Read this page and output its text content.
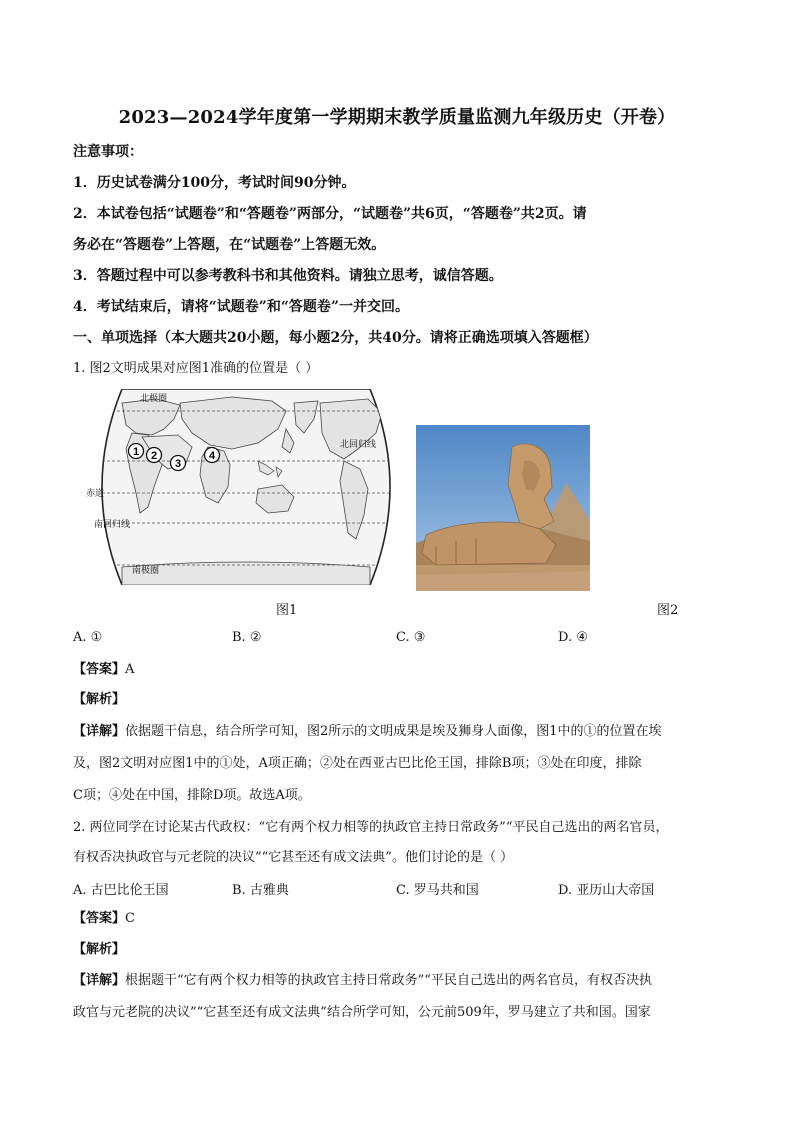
2023—2024学年度第一学期期末教学质量监测九年级历史（开卷）
注意事项：
1．历史试卷满分100分，考试时间90分钟。
2．本试卷包括“试题卷”和“答题卷”两部分，“试题卷”共6页，“答题卷”共2页。请
务必在“答题卷”上答题，在“试题卷”上答题无效。
3．答题过程中可以参考教科书和其他资料。请独立思考，诚信答题。
4．考试结束后，请将“试题卷”和“答题卷”一并交回。
一、单项选择（本大题共20小题，每小题2分，共40分。请将正确选项填入答题框）
1. 图2文明成果对应图1准确的位置是（ ）
北极圈
北回归线
赤道
南回归线
南极圈
1 2
3
4
图1	图2
A. ①	B. ②	C. ③	D. ④
【答案】A
【解析】
【详解】依据题干信息，结合所学可知，图2所示的文明成果是埃及狮身人面像，图1中的①的位置在埃
及，图2文明对应图1中的①处，A项正确；②处在西亚古巴比伦王国，排除B项；③处在印度，排除
C项；④处在中国，排除D项。故选A项。
2. 两位同学在讨论某古代政权：“它有两个权力相等的执政官主持日常政务”“平民自己选出的两名官员，
有权否决执政官与元老院的决议”“它甚至还有成文法典”。他们讨论的是（ ）
A. 古巴比伦王国	B. 古雅典	C. 罗马共和国	D. 亚历山大帝国
【答案】C
【解析】
【详解】根据题干“它有两个权力相等的执政官主持日常政务”“平民自己选出的两名官员，有权否决执
政官与元老院的决议”“它甚至还有成文法典”结合所学可知，公元前509年，罗马建立了共和国。国家
